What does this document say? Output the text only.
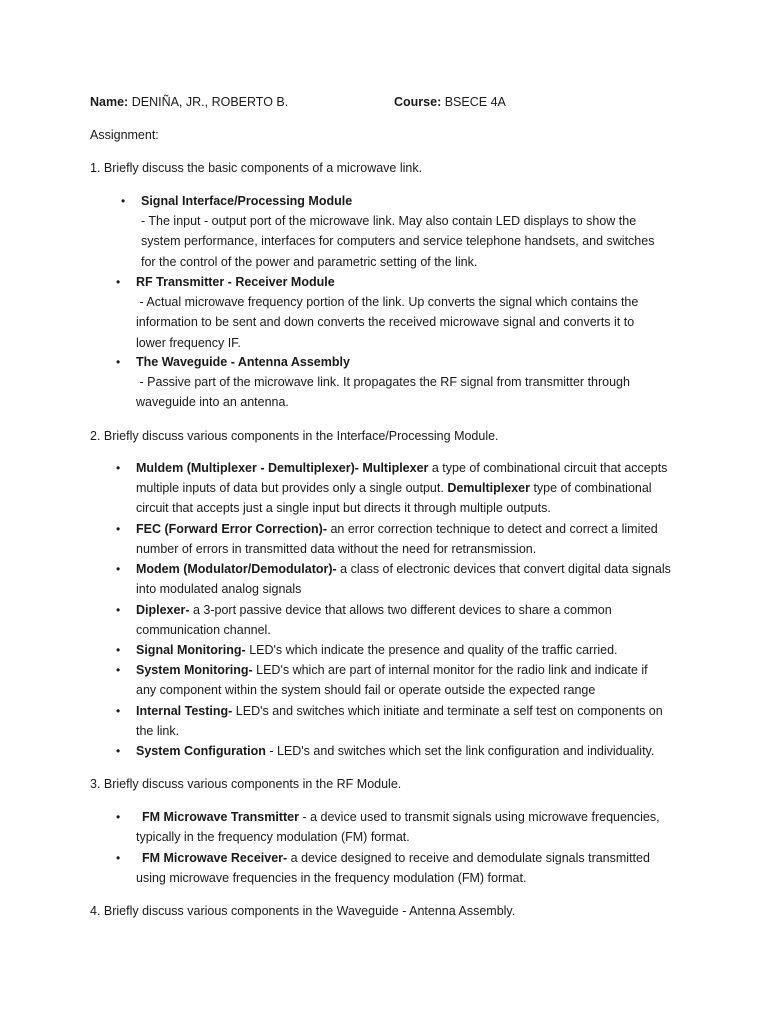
Name: DENIÑA, JR., ROBERTO B.	Course: BSECE 4A
Assignment:
1. Briefly discuss the basic components of a microwave link.
• Signal Interface/Processing Module
- The input - output port of the microwave link. May also contain LED displays to show the
system performance, interfaces for computers and service telephone handsets, and switches
for the control of the power and parametric setting of the link.
• RF Transmitter - Receiver Module
- Actual microwave frequency portion of the link. Up converts the signal which contains the
information to be sent and down converts the received microwave signal and converts it to
lower frequency IF.
• The Waveguide - Antenna Assembly
- Passive part of the microwave link. It propagates the RF signal from transmitter through
waveguide into an antenna.
2. Briefly discuss various components in the Interface/Processing Module.
• Muldem (Multiplexer - Demultiplexer)- Multiplexer a type of combinational circuit that accepts
multiple inputs of data but provides only a single output. Demultiplexer type of combinational
circuit that accepts just a single input but directs it through multiple outputs.
• FEC (Forward Error Correction)- an error correction technique to detect and correct a limited
number of errors in transmitted data without the need for retransmission.
• Modem (Modulator/Demodulator)- a class of electronic devices that convert digital data signals
into modulated analog signals
• Diplexer- a 3-port passive device that allows two different devices to share a common
communication channel.
• Signal Monitoring- LED's which indicate the presence and quality of the traffic carried.
• System Monitoring- LED's which are part of internal monitor for the radio link and indicate if
any component within the system should fail or operate outside the expected range
• Internal Testing- LED's and switches which initiate and terminate a self test on components on
the link.
• System Configuration - LED's and switches which set the link configuration and individuality.
3. Briefly discuss various components in the RF Module.
•	FM Microwave Transmitter - a device used to transmit signals using microwave frequencies,
typically in the frequency modulation (FM) format.
•	FM Microwave Receiver- a device designed to receive and demodulate signals transmitted
using microwave frequencies in the frequency modulation (FM) format.
4. Briefly discuss various components in the Waveguide - Antenna Assembly.
